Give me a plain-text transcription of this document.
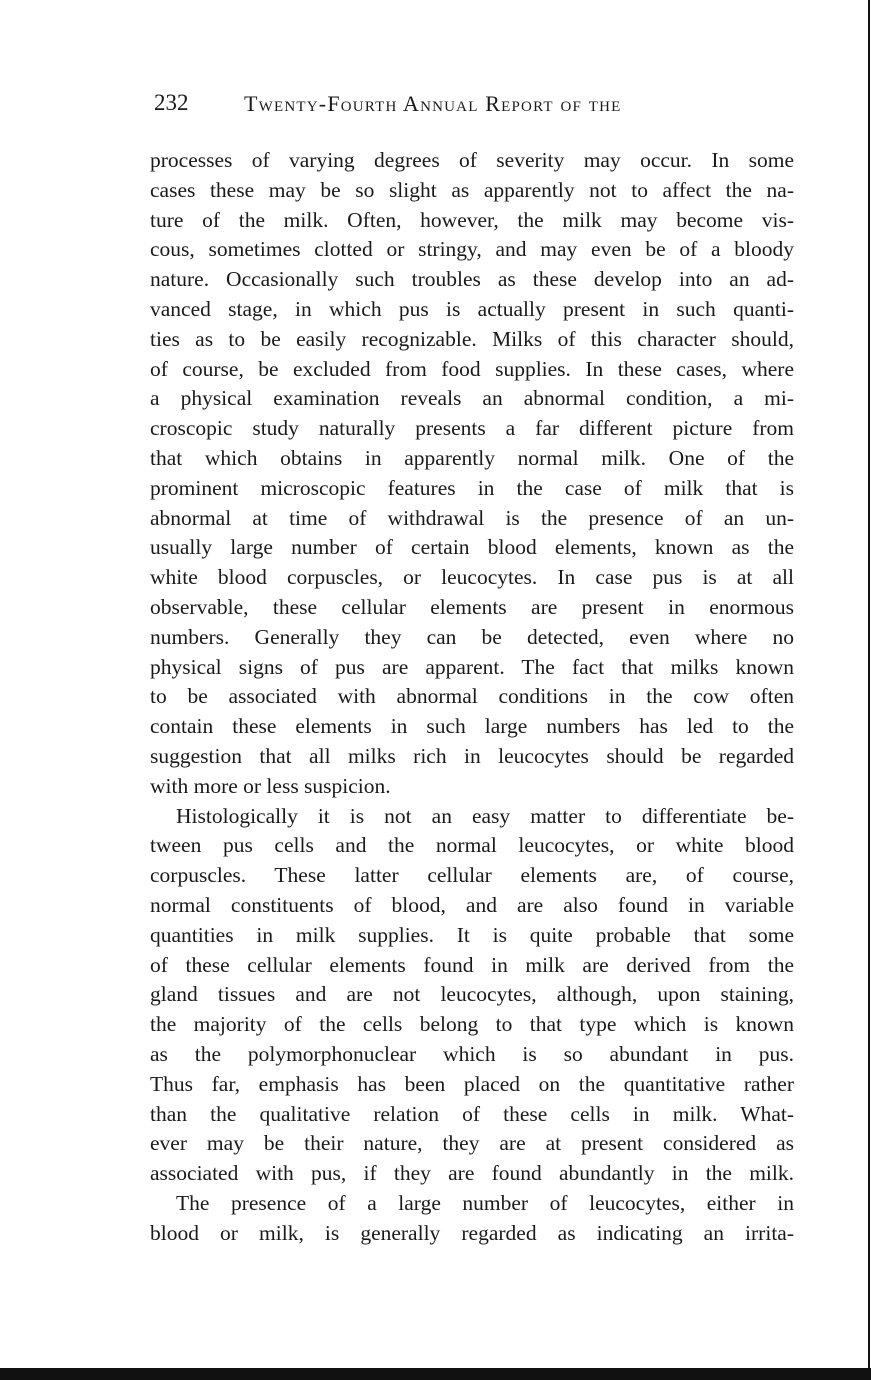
232	Twenty-Fourth Annual Report of the
processes of varying degrees of severity may occur. In some
cases these may be so slight as apparently not to affect the na-
ture of the milk. Often, however, the milk may become vis-
cous, sometimes clotted or stringy, and may even be of a bloody
nature. Occasionally such troubles as these develop into an ad-
vanced stage, in which pus is actually present in such quanti-
ties as to be easily recognizable. Milks of this character should,
of course, be excluded from food supplies. In these cases, where
a physical examination reveals an abnormal condition, a mi-
croscopic study naturally presents a far different picture from
that which obtains in apparently normal milk. One of the
prominent microscopic features in the case of milk that is
abnormal at time of withdrawal is the presence of an un-
usually large number of certain blood elements, known as the
white blood corpuscles, or leucocytes. In case pus is at all
observable, these cellular elements are present in enormous
numbers. Generally they can be detected, even where no
physical signs of pus are apparent. The fact that milks known
to be associated with abnormal conditions in the cow often
contain these elements in such large numbers has led to the
suggestion that all milks rich in leucocytes should be regarded
with more or less suspicion.
Histologically it is not an easy matter to differentiate be-
tween pus cells and the normal leucocytes, or white blood
corpuscles. These latter cellular elements are, of course,
normal constituents of blood, and are also found in variable
quantities in milk supplies. It is quite probable that some
of these cellular elements found in milk are derived from the
gland tissues and are not leucocytes, although, upon staining,
the majority of the cells belong to that type which is known
as the polymorphonuclear which is so abundant in pus.
Thus far, emphasis has been placed on the quantitative rather
than the qualitative relation of these cells in milk. What-
ever may be their nature, they are at present considered as
associated with pus, if they are found abundantly in the milk.
The presence of a large number of leucocytes, either in
blood or milk, is generally regarded as indicating an irrita-
